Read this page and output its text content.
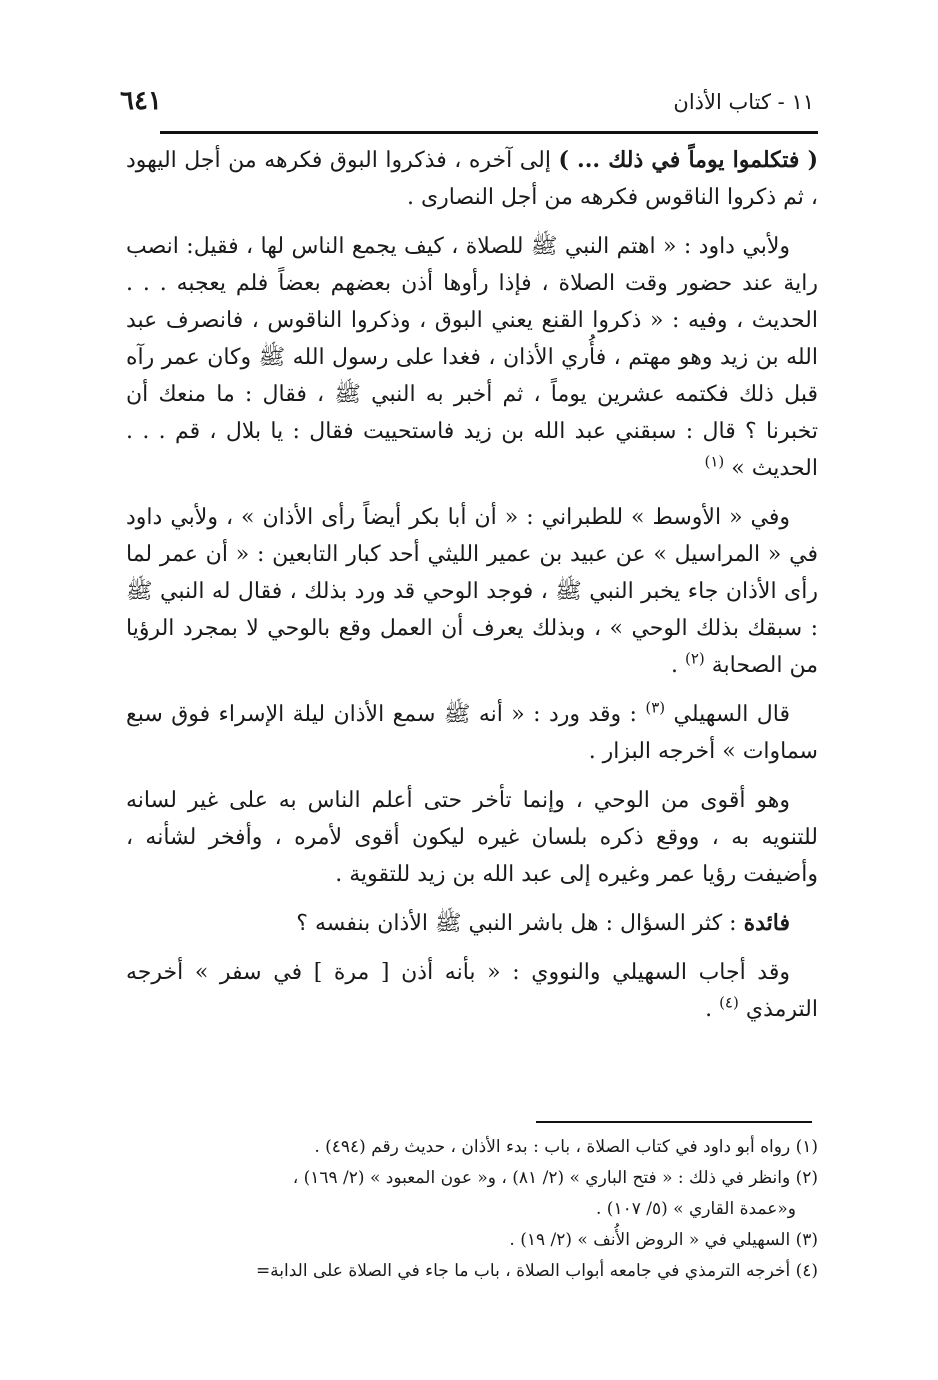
١١ - كتاب الأذان
٦٤١

( فتكلموا يوماً في ذلك ... ) إلى آخره ، فذكروا البوق فكرهه من أجل اليهود ، ثم ذكروا الناقوس فكرهه من أجل النصارى .

ولأبي داود : « اهتم النبي ﷺ للصلاة ، كيف يجمع الناس لها ، فقيل: انصب راية عند حضور وقت الصلاة ، فإذا رأوها أذن بعضهم بعضاً فلم يعجبه . . . الحديث ، وفيه : « ذكروا القنع يعني البوق ، وذكروا الناقوس ، فانصرف عبد الله بن زيد وهو مهتم ، فأُري الأذان ، فغدا على رسول الله ﷺ وكان عمر رآه قبل ذلك فكتمه عشرين يوماً ، ثم أخبر به النبي ﷺ ، فقال : ما منعك أن تخبرنا ؟ قال : سبقني عبد الله بن زيد فاستحييت فقال : يا بلال ، قم . . . الحديث » $^{(١)}$

وفي « الأوسط » للطبراني : « أن أبا بكر أيضاً رأى الأذان » ، ولأبي داود في « المراسيل » عن عبيد بن عمير الليثي أحد كبار التابعين : « أن عمر لما رأى الأذان جاء يخبر النبي ﷺ ، فوجد الوحي قد ورد بذلك ، فقال له النبي ﷺ : سبقك بذلك الوحي » ، وبذلك يعرف أن العمل وقع بالوحي لا بمجرد الرؤيا من الصحابة $^{(٢)}$ .

قال السهيلي $^{(٣)}$ : وقد ورد : « أنه ﷺ سمع الأذان ليلة الإسراء فوق سبع سماوات » أخرجه البزار .

وهو أقوى من الوحي ، وإنما تأخر حتى أعلم الناس به على غير لسانه للتنويه به ، ووقع ذكره بلسان غيره ليكون أقوى لأمره ، وأفخر لشأنه ، وأضيفت رؤيا عمر وغيره إلى عبد الله بن زيد للتقوية .

فائدة : كثر السؤال : هل باشر النبي ﷺ الأذان بنفسه ؟

وقد أجاب السهيلي والنووي : « بأنه أذن [ مرة ] في سفر » أخرجه الترمذي $^{(٤)}$ .

(١) رواه أبو داود في كتاب الصلاة ، باب : بدء الأذان ، حديث رقم (٤٩٤) .

(٢) وانظر في ذلك : « فتح الباري » (٢/ ٨١) ، و« عون المعبود » (٢/ ١٦٩) ،

و«عمدة القاري » (٥/ ١٠٧) .

(٣) السهيلي في « الروض الأُنف » (٢/ ١٩) .

(٤) أخرجه الترمذي في جامعه أبواب الصلاة ، باب ما جاء في الصلاة على الدابة=
